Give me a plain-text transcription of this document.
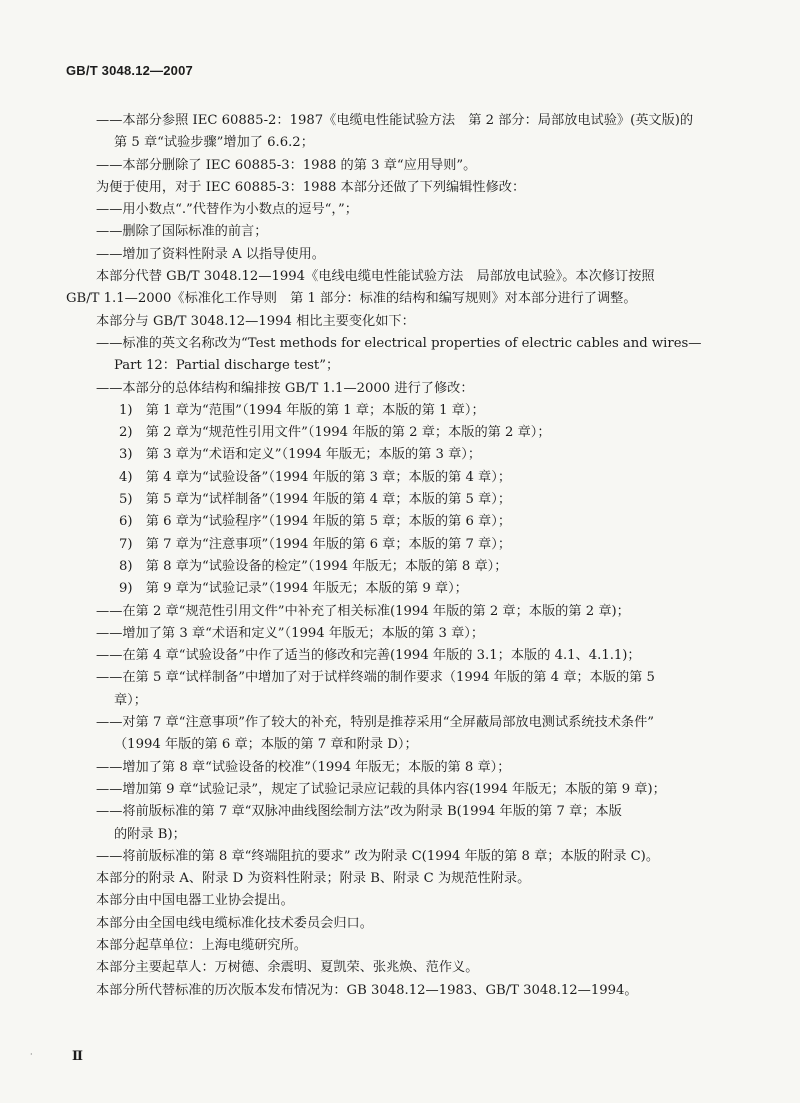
GB/T 3048.12—2007
——本部分参照 IEC 60885-2：1987《电缆电性能试验方法　第 2 部分：局部放电试验》(英文版)的
第 5 章“试验步骤”增加了 6.6.2；
——本部分删除了 IEC 60885-3：1988 的第 3 章“应用导则”。
为便于使用，对于 IEC 60885-3：1988 本部分还做了下列编辑性修改：
——用小数点“.”代替作为小数点的逗号“，”；
——删除了国际标准的前言；
——增加了资料性附录 A 以指导使用。
本部分代替 GB/T 3048.12—1994《电线电缆电性能试验方法　局部放电试验》。本次修订按照
GB/T 1.1—2000《标准化工作导则　第 1 部分：标准的结构和编写规则》对本部分进行了调整。
本部分与 GB/T 3048.12—1994 相比主要变化如下：
——标准的英文名称改为“Test methods for electrical properties of electric cables and wires—
Part 12：Partial discharge test”；
——本部分的总体结构和编排按 GB/T 1.1—2000 进行了修改：
1)　第 1 章为“范围”（1994 年版的第 1 章；本版的第 1 章）；
2)　第 2 章为“规范性引用文件”（1994 年版的第 2 章；本版的第 2 章）；
3)　第 3 章为“术语和定义”（1994 年版无；本版的第 3 章）；
4)　第 4 章为“试验设备”（1994 年版的第 3 章；本版的第 4 章）；
5)　第 5 章为“试样制备”（1994 年版的第 4 章；本版的第 5 章）；
6)　第 6 章为“试验程序”（1994 年版的第 5 章；本版的第 6 章）；
7)　第 7 章为“注意事项”（1994 年版的第 6 章；本版的第 7 章）；
8)　第 8 章为“试验设备的检定”（1994 年版无；本版的第 8 章）；
9)　第 9 章为“试验记录”（1994 年版无；本版的第 9 章）；
——在第 2 章“规范性引用文件”中补充了相关标准(1994 年版的第 2 章；本版的第 2 章)；
——增加了第 3 章“术语和定义”（1994 年版无；本版的第 3 章）；
——在第 4 章“试验设备”中作了适当的修改和完善(1994 年版的 3.1；本版的 4.1、4.1.1)；
——在第 5 章“试样制备”中增加了对于试样终端的制作要求（1994 年版的第 4 章；本版的第 5
章）；
——对第 7 章“注意事项”作了较大的补充，特别是推荐采用“全屏蔽局部放电测试系统技术条件”
（1994 年版的第 6 章；本版的第 7 章和附录 D）；
——增加了第 8 章“试验设备的校准”（1994 年版无；本版的第 8 章）；
——增加第 9 章“试验记录”，规定了试验记录应记载的具体内容(1994 年版无；本版的第 9 章)；
——将前版标准的第 7 章“双脉冲曲线图绘制方法”改为附录 B(1994 年版的第 7 章；本版
的附录 B)；
——将前版标准的第 8 章“终端阻抗的要求” 改为附录 C(1994 年版的第 8 章；本版的附录 C)。
本部分的附录 A、附录 D 为资料性附录；附录 B、附录 C 为规范性附录。
本部分由中国电器工业协会提出。
本部分由全国电线电缆标准化技术委员会归口。
本部分起草单位：上海电缆研究所。
本部分主要起草人：万树德、余震明、夏凯荣、张兆焕、范作义。
本部分所代替标准的历次版本发布情况为：GB 3048.12—1983、GB/T 3048.12—1994。
·	Ⅱ
